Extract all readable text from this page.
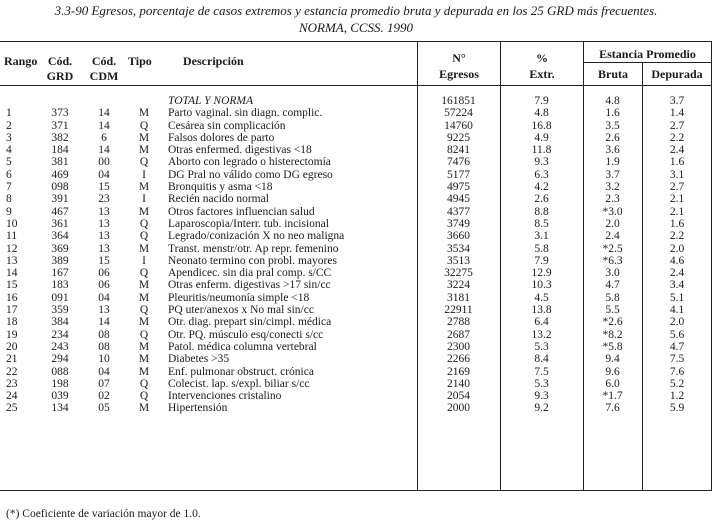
3.3-90 Egresos, porcentaje de casos extremos y estancia promedio bruta y depurada en los 25 GRD más frecuentes.
NORMA, CCSS. 1990
Rango Cód.
GRD
Cód.
CDM
Tipo	Descripción	N°
Egresos
%
Extr.
Estancia Promedio
Bruta	Depurada
				TOTAL Y NORMA	161851	7.9	4.8	3.7
1	373	14	M	Parto vaginal. sin diagn. complic.	57224	4.8	1.6	1.4
2	371	14	Q	Cesárea sin complicación	14760	16.8	3.5	2.7
3	382	6	M	Falsos dolores de parto	9225	4.9	2.6	2.2
4	184	14	M	Otras enfermed. digestivas <18	8241	11.8	3.6	2.4
5	381	00	Q	Aborto con legrado o histerectomía	7476	9.3	1.9	1.6
6	469	04	I	DG Pral no válido como DG egreso	5177	6.3	3.7	3.1
7	098	15	M	Bronquitis y asma <18	4975	4.2	3.2	2.7
8	391	23	I	Recién nacido normal	4945	2.6	2.3	2.1
9	467	13	M	Otros factores influencian salud	4377	8.8	*3.0	2.1
10	361	13	Q	Laparoscopia/Interr. tub. incisional	3749	8.5	2.0	1.6
11	364	13	Q	Legrado/conización X no neo maligna	3660	3.1	2.4	2.2
12	369	13	M	Transt. menstr/otr. Ap repr. femenino	3534	5.8	*2.5	2.0
13	389	15	I	Neonato termino con probl. mayores	3513	7.9	*6.3	4.6
14	167	06	Q	Apendicec. sin dia pral comp. s/CC	32275	12.9	3.0	2.4
15	183	06	M	Otras enferm. digestivas >17 sin/cc	3224	10.3	4.7	3.4
16	091	04	M	Pleuritis/neumonía simple <18	3181	4.5	5.8	5.1
17	359	13	Q	PQ uter/anexos x No mal sin/cc	22911	13.8	5.5	4.1
18	384	14	M	Otr. diag. prepart sin/cimpl. médica	2788	6.4	*2.6	2.0
19	234	08	Q	Otr. PQ. músculo esq/conecti s/cc	2687	13.2	*8.2	5.6
20	243	08	M	Patol. médica columna vertebral	2300	5.3	*5.8	4.7
21	294	10	M	Diabetes >35	2266	8.4	9.4	7.5
22	088	04	M	Enf. pulmonar obstruct. crónica	2169	7.5	9.6	7.6
23	198	07	Q	Colecist. lap. s/expl. biliar s/cc	2140	5.3	6.0	5.2
24	039	02	Q	Intervenciones cristalino	2054	9.3	*1.7	1.2
25	134	05	M	Hipertensión	2000	9.2	7.6	5.9
(*) Coeficiente de variación mayor de 1.0.
